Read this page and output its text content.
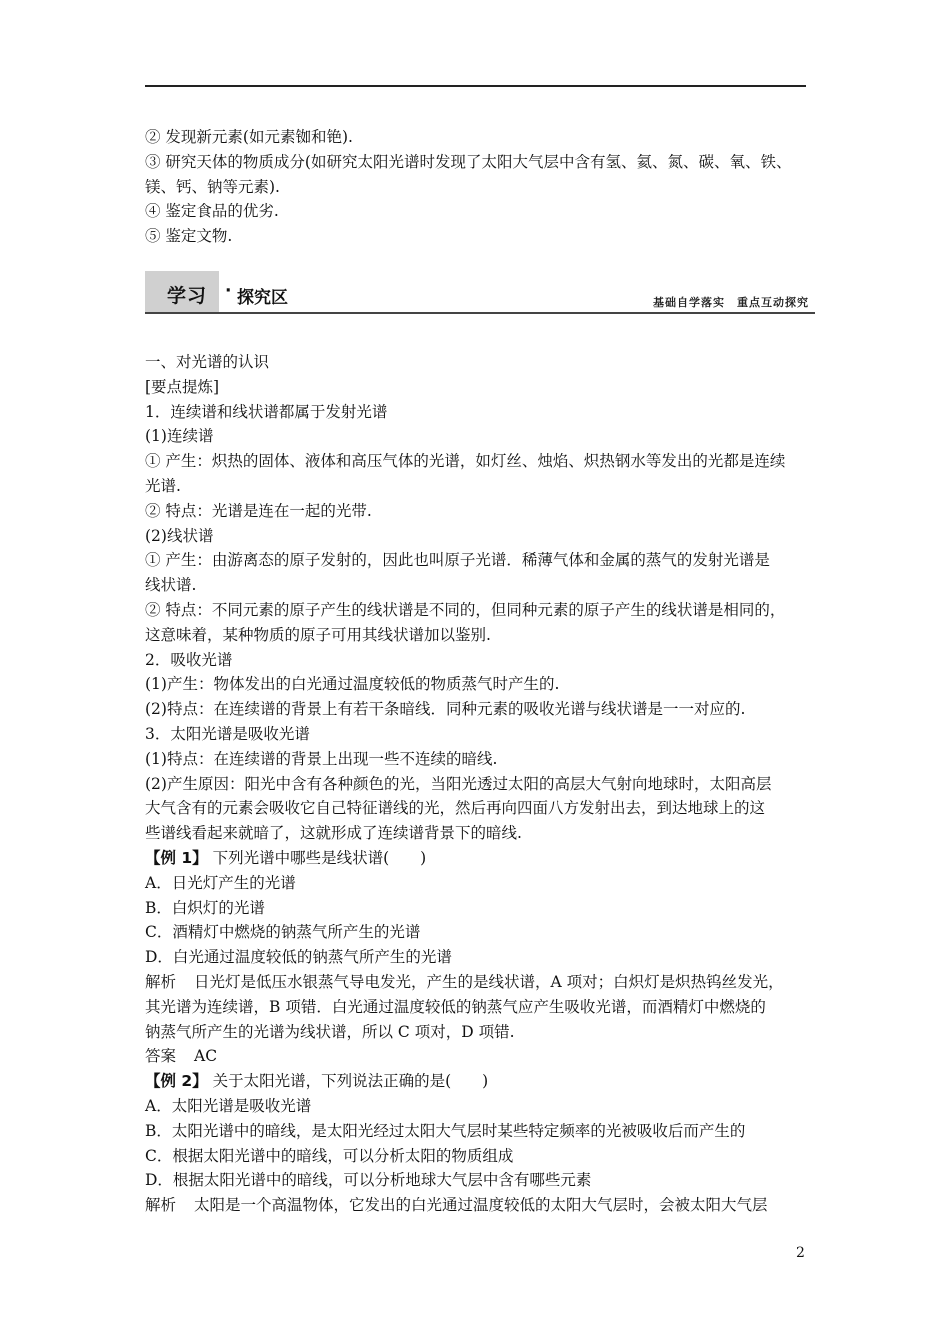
② 发现新元素(如元素铷和铯).

③ 研究天体的物质成分(如研究太阳光谱时发现了太阳大气层中含有氢、氦、氮、碳、氧、铁、

镁、钙、钠等元素).

④ 鉴定食品的优劣.

⑤ 鉴定文物.

学习 · 探究区	基础自学落实　重点互动探究

一、对光谱的认识

[要点提炼]

1．连续谱和线状谱都属于发射光谱

(1)连续谱

① 产生：炽热的固体、液体和高压气体的光谱，如灯丝、烛焰、炽热钢水等发出的光都是连续

光谱.

② 特点：光谱是连在一起的光带.

(2)线状谱

① 产生：由游离态的原子发射的，因此也叫原子光谱．稀薄气体和金属的蒸气的发射光谱是

线状谱.

② 特点：不同元素的原子产生的线状谱是不同的，但同种元素的原子产生的线状谱是相同的，

这意味着，某种物质的原子可用其线状谱加以鉴别.

2．吸收光谱

(1)产生：物体发出的白光通过温度较低的物质蒸气时产生的.

(2)特点：在连续谱的背景上有若干条暗线．同种元素的吸收光谱与线状谱是一一对应的.

3．太阳光谱是吸收光谱

(1)特点：在连续谱的背景上出现一些不连续的暗线.

(2)产生原因：阳光中含有各种颜色的光，当阳光透过太阳的高层大气射向地球时，太阳高层

大气含有的元素会吸收它自己特征谱线的光，然后再向四面八方发射出去，到达地球上的这

些谱线看起来就暗了，这就形成了连续谱背景下的暗线.

【例 1】 下列光谱中哪些是线状谱(　　)

A．日光灯产生的光谱

B．白炽灯的光谱

C．酒精灯中燃烧的钠蒸气所产生的光谱

D．白光通过温度较低的钠蒸气所产生的光谱

解析 日光灯是低压水银蒸气导电发光，产生的是线状谱，A 项对；白炽灯是炽热钨丝发光，

其光谱为连续谱，B 项错．白光通过温度较低的钠蒸气应产生吸收光谱，而酒精灯中燃烧的

钠蒸气所产生的光谱为线状谱，所以 C 项对，D 项错.

答案 AC

【例 2】 关于太阳光谱，下列说法正确的是(　　)

A．太阳光谱是吸收光谱

B．太阳光谱中的暗线，是太阳光经过太阳大气层时某些特定频率的光被吸收后而产生的

C．根据太阳光谱中的暗线，可以分析太阳的物质组成

D．根据太阳光谱中的暗线，可以分析地球大气层中含有哪些元素

解析 太阳是一个高温物体，它发出的白光通过温度较低的太阳大气层时，会被太阳大气层

2
